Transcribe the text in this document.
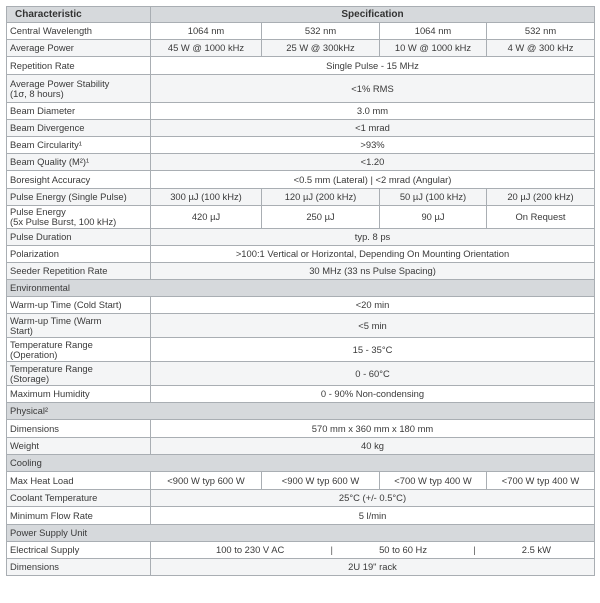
Characteristic	Specification			
Central Wavelength	1064 nm	532 nm	1064 nm	532 nm
Average Power	45 W @ 1000 kHz	25 W @ 300kHz	10 W @ 1000 kHz	4 W @ 300 kHz
Repetition Rate	Single Pulse - 15 MHz			
Average Power Stability
(1σ, 8 hours)	<1% RMS			
Beam Diameter	3.0 mm			
Beam Divergence	<1 mrad			
Beam Circularity¹	>93%			
Beam Quality (M²)¹	<1.20			
Boresight Accuracy	<0.5 mm (Lateral) | <2 mrad (Angular)			
Pulse Energy (Single Pulse)	300 µJ (100 kHz)	120 µJ (200 kHz)	50 µJ (100 kHz)	20 µJ (200 kHz)
Pulse Energy
(5x Pulse Burst, 100 kHz)	420 µJ	250 µJ	90 µJ	On Request
Pulse Duration	typ. 8 ps			
Polarization	>100:1 Vertical or Horizontal, Depending On Mounting Orientation			
Seeder Repetition Rate	30 MHz (33 ns Pulse Spacing)			
Environmental				
Warm-up Time (Cold Start)	<20 min			
Warm-up Time (Warm
Start)	<5 min			
Temperature Range
(Operation)	15 - 35°C			
Temperature Range
(Storage)	0 - 60°C			
Maximum Humidity	0 - 90% Non-condensing			
Physical²				
Dimensions	570 mm x 360 mm x 180 mm			
Weight	40 kg			
Cooling				
Max Heat Load	<900 W typ 600 W	<900 W typ 600 W	<700 W typ 400 W	<700 W typ 400 W
Coolant Temperature	25°C (+/- 0.5°C)			
Minimum Flow Rate	5 l/min			
Power Supply Unit				
Electrical Supply	100 to 230 V AC | 50 to 60 Hz | 2.5 kW			

Dimensions	2U 19" rack			
